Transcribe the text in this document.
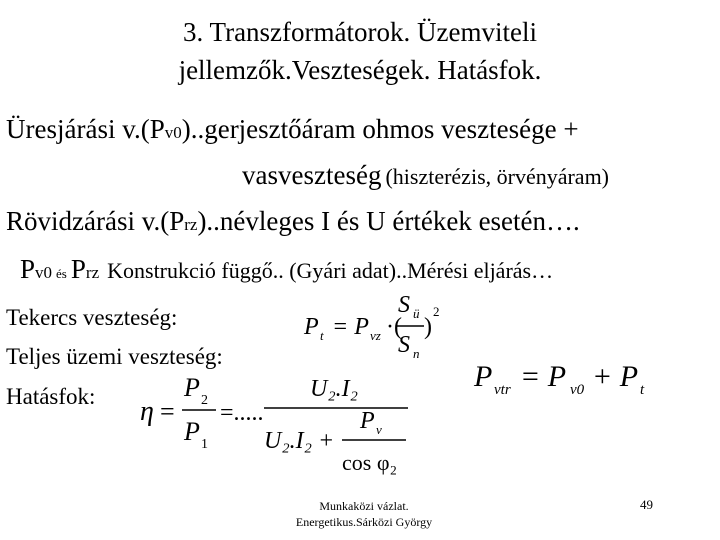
3. Transzformátorok. Üzemviteli
jellemzők.Veszteségek. Hatásfok.
Üresjárási v.(Pv0)..gerjesztőáram ohmos vesztesége +
vasveszteség (hiszterézis, örvényáram)
Rövidzárási v.(Prz)..névleges I és U értékek esetén….
Pv0 és Prz Konstrukció függő.. (Gyári adat)..Mérési eljárás…
Tekercs veszteség:
Teljes üzemi veszteség:
Hatásfok:
P t = P vz ·(
S ü
S n
)
2
P vtr = P v0 + P t
η =
P 2
P 1
=.....
U₂.I₂
U₂.I₂ +
P v
cos φ₂
Munkaközi vázlat.
Energetikus.Sárközi György
49
